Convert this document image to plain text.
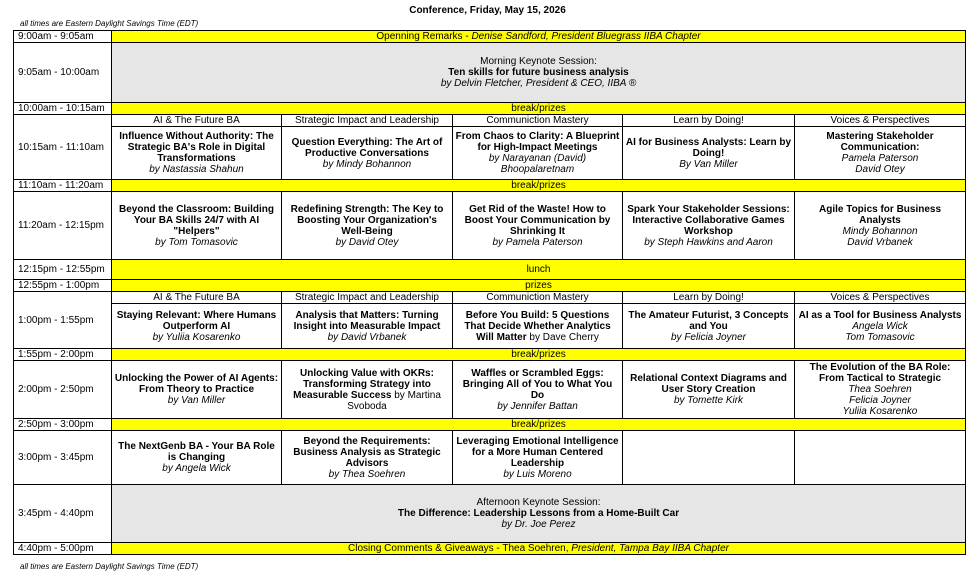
Conference, Friday, May 15, 2026
all times are Eastern Daylight Savings Time (EDT)
9:00am - 9:05am	Openning Remarks - Denise Sandford, President Bluegrass IIBA Chapter				
9:05am - 10:00am	Morning Keynote Session:
Ten skills for future business analysis
by Delvin Fletcher, President & CEO, IIBA ®				

10:00am - 10:15am	break/prizes				
10:15am - 11:10am	AI & The Future BA	Strategic Impact and Leadership	Communiction Mastery	Learn by Doing!	Voices & Perspectives

	Influence Without Authority: The Strategic BA's Role in Digital Transformations
by Nastassia Shahun	Question Everything: The Art of Productive Conversations
by Mindy Bohannon	From Chaos to Clarity: A Blueprint for High-Impact Meetings
by Narayanan (David) Bhoopalaretnam	AI for Business Analysts: Learn by Doing!
By Van Miller	Mastering Stakeholder Communication:
Pamela Paterson
David Otey

11:10am - 11:20am	break/prizes				
11:20am - 12:15pm	Beyond the Classroom: Building Your BA Skills 24/7 with AI "Helpers"
by Tom Tomasovic	Redefining Strength: The Key to Boosting Your Organization's Well-Being
by David Otey	Get Rid of the Waste! How to Boost Your Communication by Shrinking It
by Pamela Paterson	Spark Your Stakeholder Sessions: Interactive Collaborative Games Workshop
by Steph Hawkins and Aaron	Agile Topics for Business Analysts
Mindy Bohannon
David Vrbanek

12:15pm - 12:55pm	lunch				
12:55pm - 1:00pm	prizes				
1:00pm - 1:55pm	AI & The Future BA	Strategic Impact and Leadership	Communiction Mastery	Learn by Doing!	Voices & Perspectives

	Staying Relevant: Where Humans Outperform AI
by Yuliia Kosarenko	Analysis that Matters: Turning Insight into Measurable Impact
by David Vrbanek	Before You Build: 5 Questions That Decide Whether Analytics Will Matter by Dave Cherry	The Amateur Futurist, 3 Concepts and You
by Felicia Joyner	AI as a Tool for Business Analysts
Angela Wick
Tom Tomasovic

1:55pm - 2:00pm	break/prizes				
2:00pm - 2:50pm	Unlocking the Power of AI Agents: From Theory to Practice
by Van Miller	Unlocking Value with OKRs: Transforming Strategy into Measurable Success by Martina Svoboda	Waffles or Scrambled Eggs: Bringing All of You to What You Do
by Jennifer Battan	Relational Context Diagrams and User Story Creation
by Tomette Kirk	The Evolution of the BA Role: From Tactical to Strategic
Thea Soehren
Felicia Joyner
Yuliia Kosarenko

2:50pm - 3:00pm	break/prizes				
3:00pm - 3:45pm	The NextGenb BA - Your BA Role is Changing
by Angela Wick	Beyond the Requirements: Business Analysis as Strategic Advisors
by Thea Soehren	Leveraging Emotional Intelligence for a More Human Centered Leadership
by Luis Moreno		

3:45pm - 4:40pm	Afternoon Keynote Session:
The Difference: Leadership Lessons from a Home-Built Car
by Dr. Joe Perez				

4:40pm - 5:00pm	Closing Comments & Giveaways - Thea Soehren, President, Tampa Bay IIBA Chapter				
all times are Eastern Daylight Savings Time (EDT)
